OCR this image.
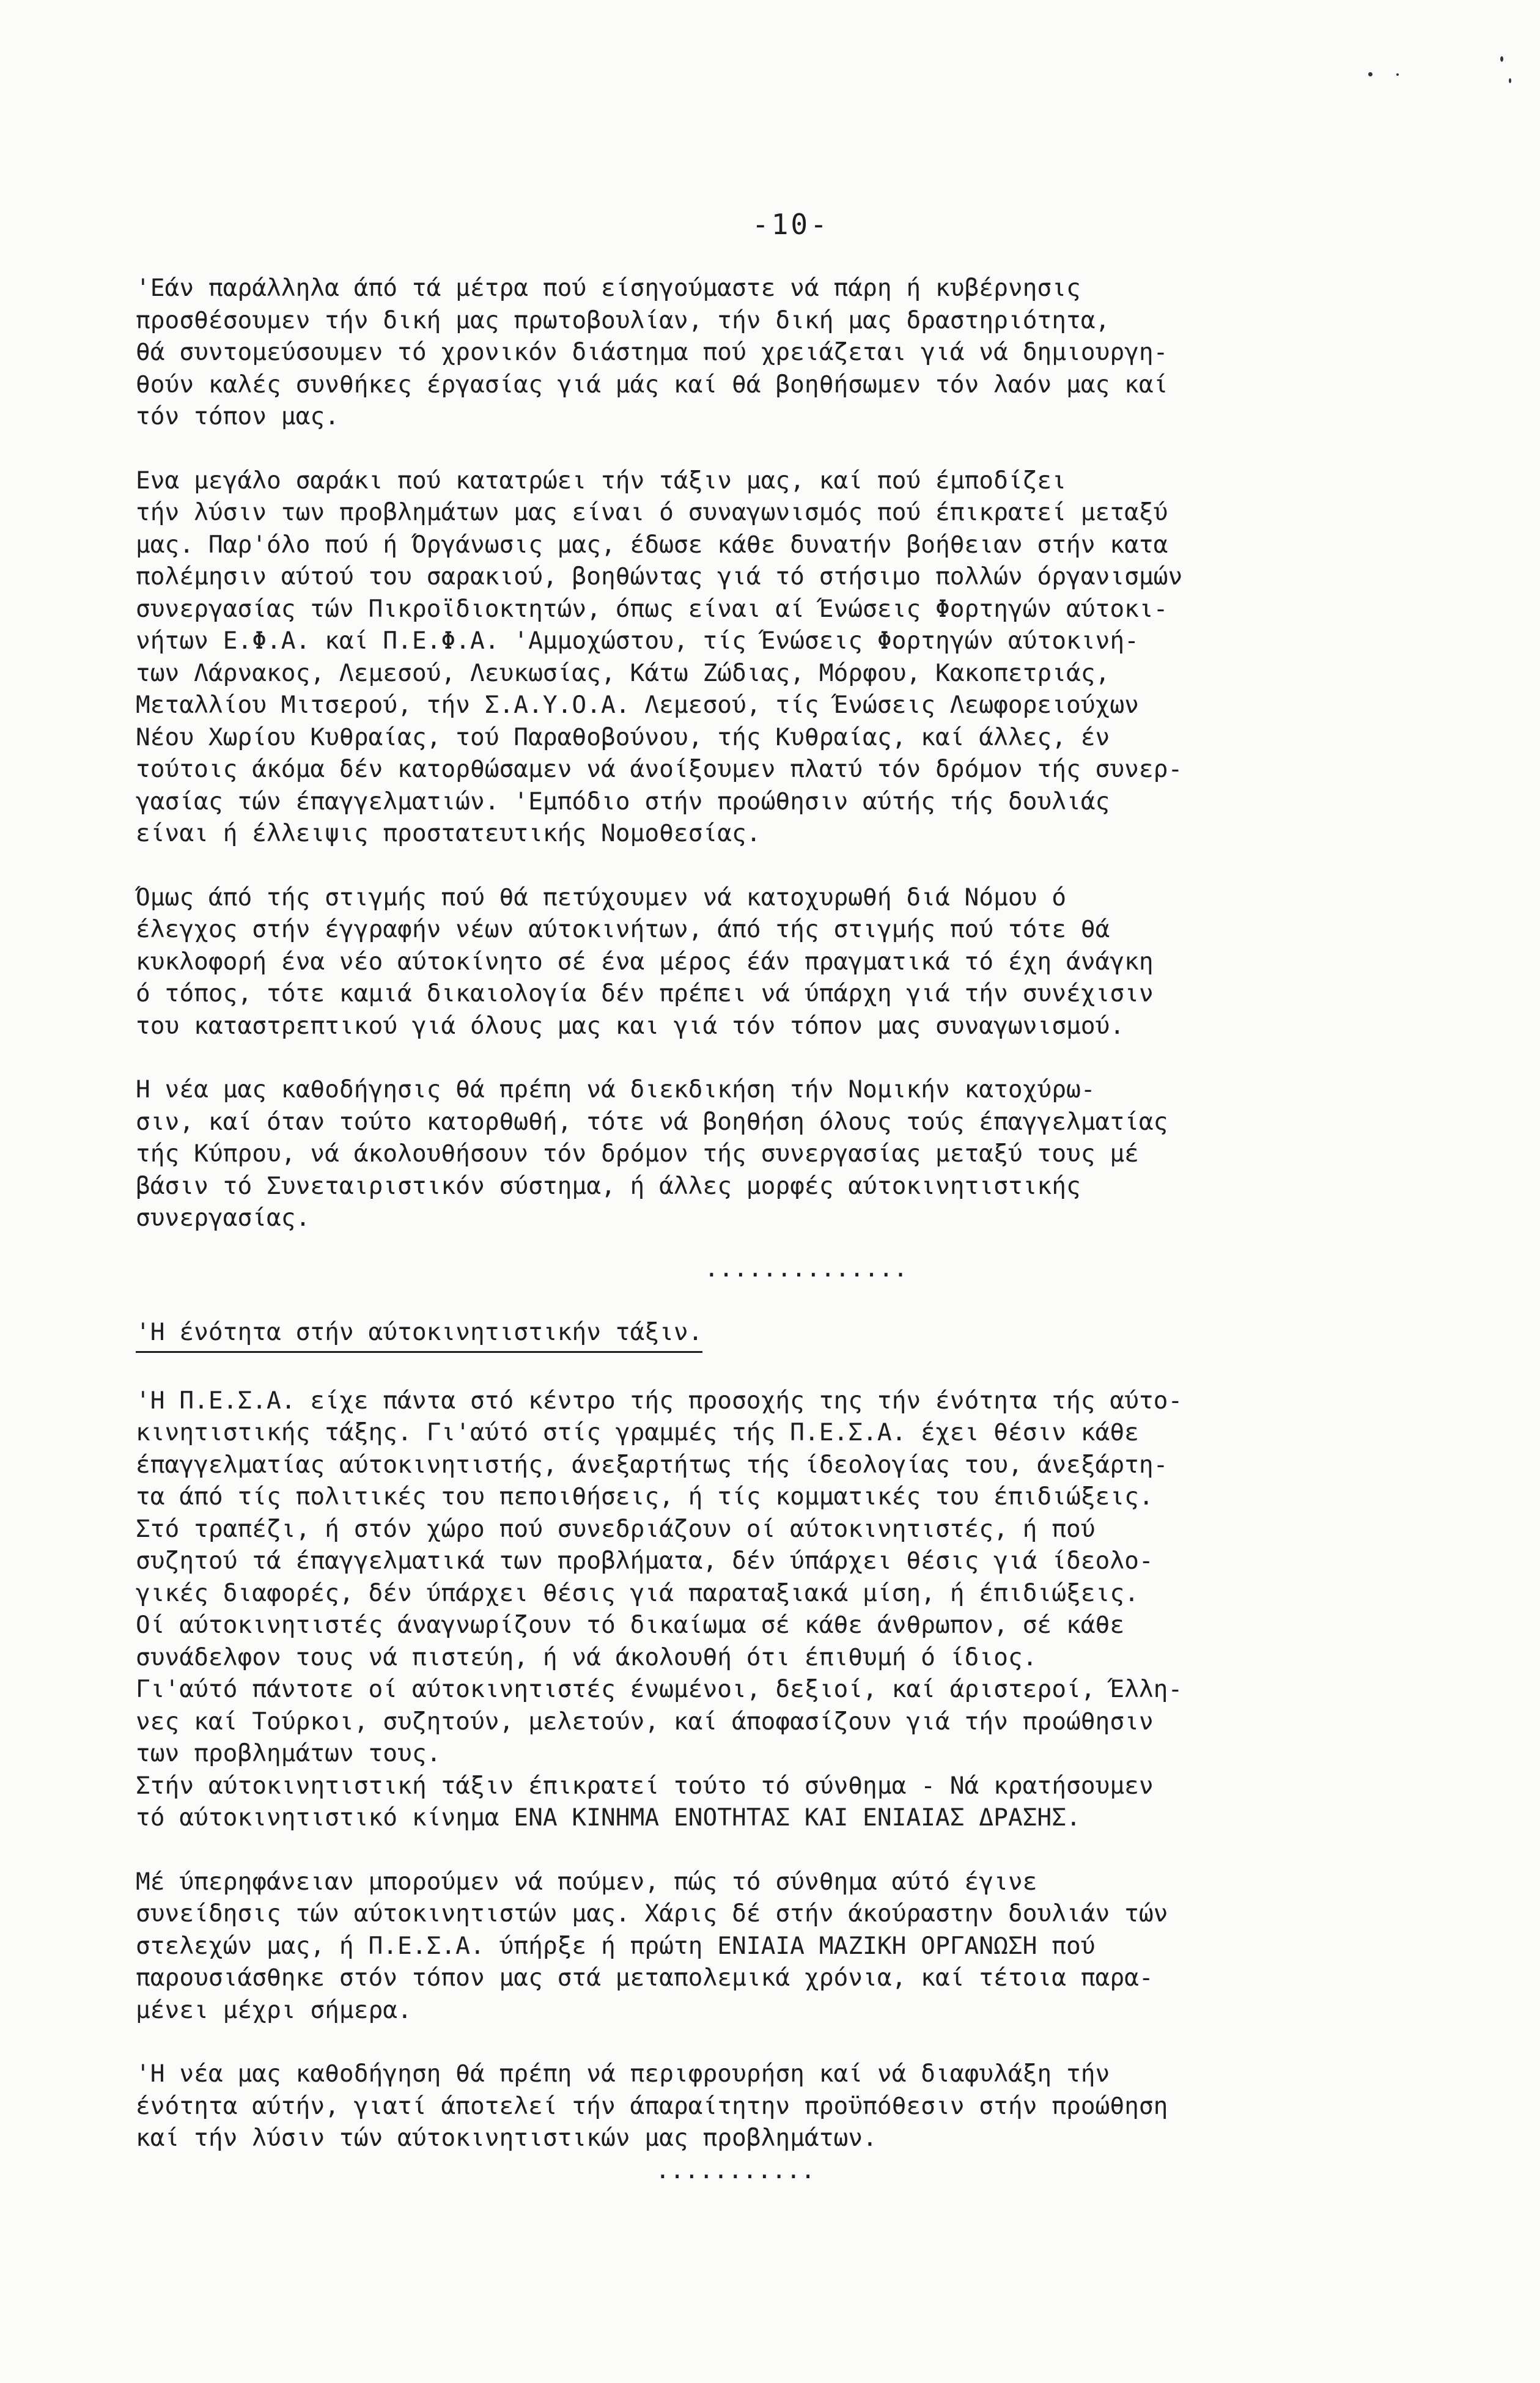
-10-

'Εάν παράλληλα άπό τά μέτρα πού είσηγούμαστε νά πάρη ή κυβέρνησις
προσθέσουμεν τήν δική μας πρωτοβουλίαν, τήν δική μας δραστηριότητα,
θά συντομεύσουμεν τό χρονικόν διάστημα πού χρειάζεται γιά νά δημιουργη-
θούν καλές συνθήκες έργασίας γιά μάς καί θά βοηθήσωμεν τόν λαόν μας καί
τόν τόπον μας.

Ενα μεγάλο σαράκι πού κατατρώει τήν τάξιν μας, καί πού έμποδίζει
τήν λύσιν των προβλημάτων μας είναι ό συναγωνισμός πού έπικρατεί μεταξύ
μας. Παρ'όλο πού ή Όργάνωσις μας, έδωσε κάθε δυνατήν βοήθειαν στήν κατα
πολέμησιν αύτού του σαρακιού, βοηθώντας γιά τό στήσιμο πολλών όργανισμών
συνεργασίας τών Πικροϊδιοκτητών, όπως είναι αί Ένώσεις Φορτηγών αύτοκι-
νήτων Ε.Φ.Α. καί Π.Ε.Φ.Α. 'Αμμοχώστου, τίς Ένώσεις Φορτηγών αύτοκινή-
των Λάρνακος, Λεμεσού, Λευκωσίας, Κάτω Ζώδιας, Μόρφου, Κακοπετριάς,
Μεταλλίου Μιτσερού, τήν Σ.Α.Υ.Ο.Α. Λεμεσού, τίς Ένώσεις Λεωφορειούχων
Νέου Χωρίου Κυθραίας, τού Παραθοβούνου, τής Κυθραίας, καί άλλες, έν
τούτοις άκόμα δέν κατορθώσαμεν νά άνοίξουμεν πλατύ τόν δρόμον τής συνερ-
γασίας τών έπαγγελματιών. 'Εμπόδιο στήν προώθησιν αύτής τής δουλιάς
είναι ή έλλειψις προστατευτικής Νομοθεσίας.

Όμως άπό τής στιγμής πού θά πετύχουμεν νά κατοχυρωθή διά Νόμου ό
έλεγχος στήν έγγραφήν νέων αύτοκινήτων, άπό τής στιγμής πού τότε θά
κυκλοφορή ένα νέο αύτοκίνητο σέ ένα μέρος έάν πραγματικά τό έχη άνάγκη
ό τόπος, τότε καμιά δικαιολογία δέν πρέπει νά ύπάρχη γιά τήν συνέχισιν
του καταστρεπτικού γιά όλους μας και γιά τόν τόπον μας συναγωνισμού.

Η νέα μας καθοδήγησις θά πρέπη νά διεκδικήση τήν Νομικήν κατοχύρω-
σιν, καί όταν τούτο κατορθωθή, τότε νά βοηθήση όλους τούς έπαγγελματίας
τής Κύπρου, νά άκολουθήσουν τόν δρόμον τής συνεργασίας μεταξύ τους μέ
βάσιν τό Συνεταιριστικόν σύστημα, ή άλλες μορφές αύτοκινητιστικής
συνεργασίας.

..............

'Η ένότητα στήν αύτοκινητιστικήν τάξιν.

'Η Π.Ε.Σ.Α. είχε πάντα στό κέντρο τής προσοχής της τήν ένότητα τής αύτο-
κινητιστικής τάξης. Γι'αύτό στίς γραμμές τής Π.Ε.Σ.Α. έχει θέσιν κάθε
έπαγγελματίας αύτοκινητιστής, άνεξαρτήτως τής ίδεολογίας του, άνεξάρτη-
τα άπό τίς πολιτικές του πεποιθήσεις, ή τίς κομματικές του έπιδιώξεις.
Στό τραπέζι, ή στόν χώρο πού συνεδριάζουν οί αύτοκινητιστές, ή πού
συζητού τά έπαγγελματικά των προβλήματα, δέν ύπάρχει θέσις γιά ίδεολο-
γικές διαφορές, δέν ύπάρχει θέσις γιά παραταξιακά μίση, ή έπιδιώξεις.
Οί αύτοκινητιστές άναγνωρίζουν τό δικαίωμα σέ κάθε άνθρωπον, σέ κάθε
συνάδελφον τους νά πιστεύη, ή νά άκολουθή ότι έπιθυμή ό ίδιος.
Γι'αύτό πάντοτε οί αύτοκινητιστές ένωμένοι, δεξιοί, καί άριστεροί, Έλλη-
νες καί Τούρκοι, συζητούν, μελετούν, καί άποφασίζουν γιά τήν προώθησιν
των προβλημάτων τους.
Στήν αύτοκινητιστική τάξιν έπικρατεί τούτο τό σύνθημα - Νά κρατήσουμεν
τό αύτοκινητιστικό κίνημα ΕΝΑ ΚΙΝΗΜΑ ΕΝΟΤΗΤΑΣ ΚΑΙ ΕΝΙΑΙΑΣ ΔΡΑΣΗΣ.

Μέ ύπερηφάνειαν μπορούμεν νά πούμεν, πώς τό σύνθημα αύτό έγινε
συνείδησις τών αύτοκινητιστών μας. Χάρις δέ στήν άκούραστην δουλιάν τών
στελεχών μας, ή Π.Ε.Σ.Α. ύπήρξε ή πρώτη ΕΝΙΑΙΑ ΜΑΖΙΚΗ ΟΡΓΑΝΩΣΗ πού
παρουσιάσθηκε στόν τόπον μας στά μεταπολεμικά χρόνια, καί τέτοια παρα-
μένει μέχρι σήμερα.

'Η νέα μας καθοδήγηση θά πρέπη νά περιφρουρήση καί νά διαφυλάξη τήν
ένότητα αύτήν, γιατί άποτελεί τήν άπαραίτητην προϋπόθεσιν στήν προώθηση
καί τήν λύσιν τών αύτοκινητιστικών μας προβλημάτων.

...........
